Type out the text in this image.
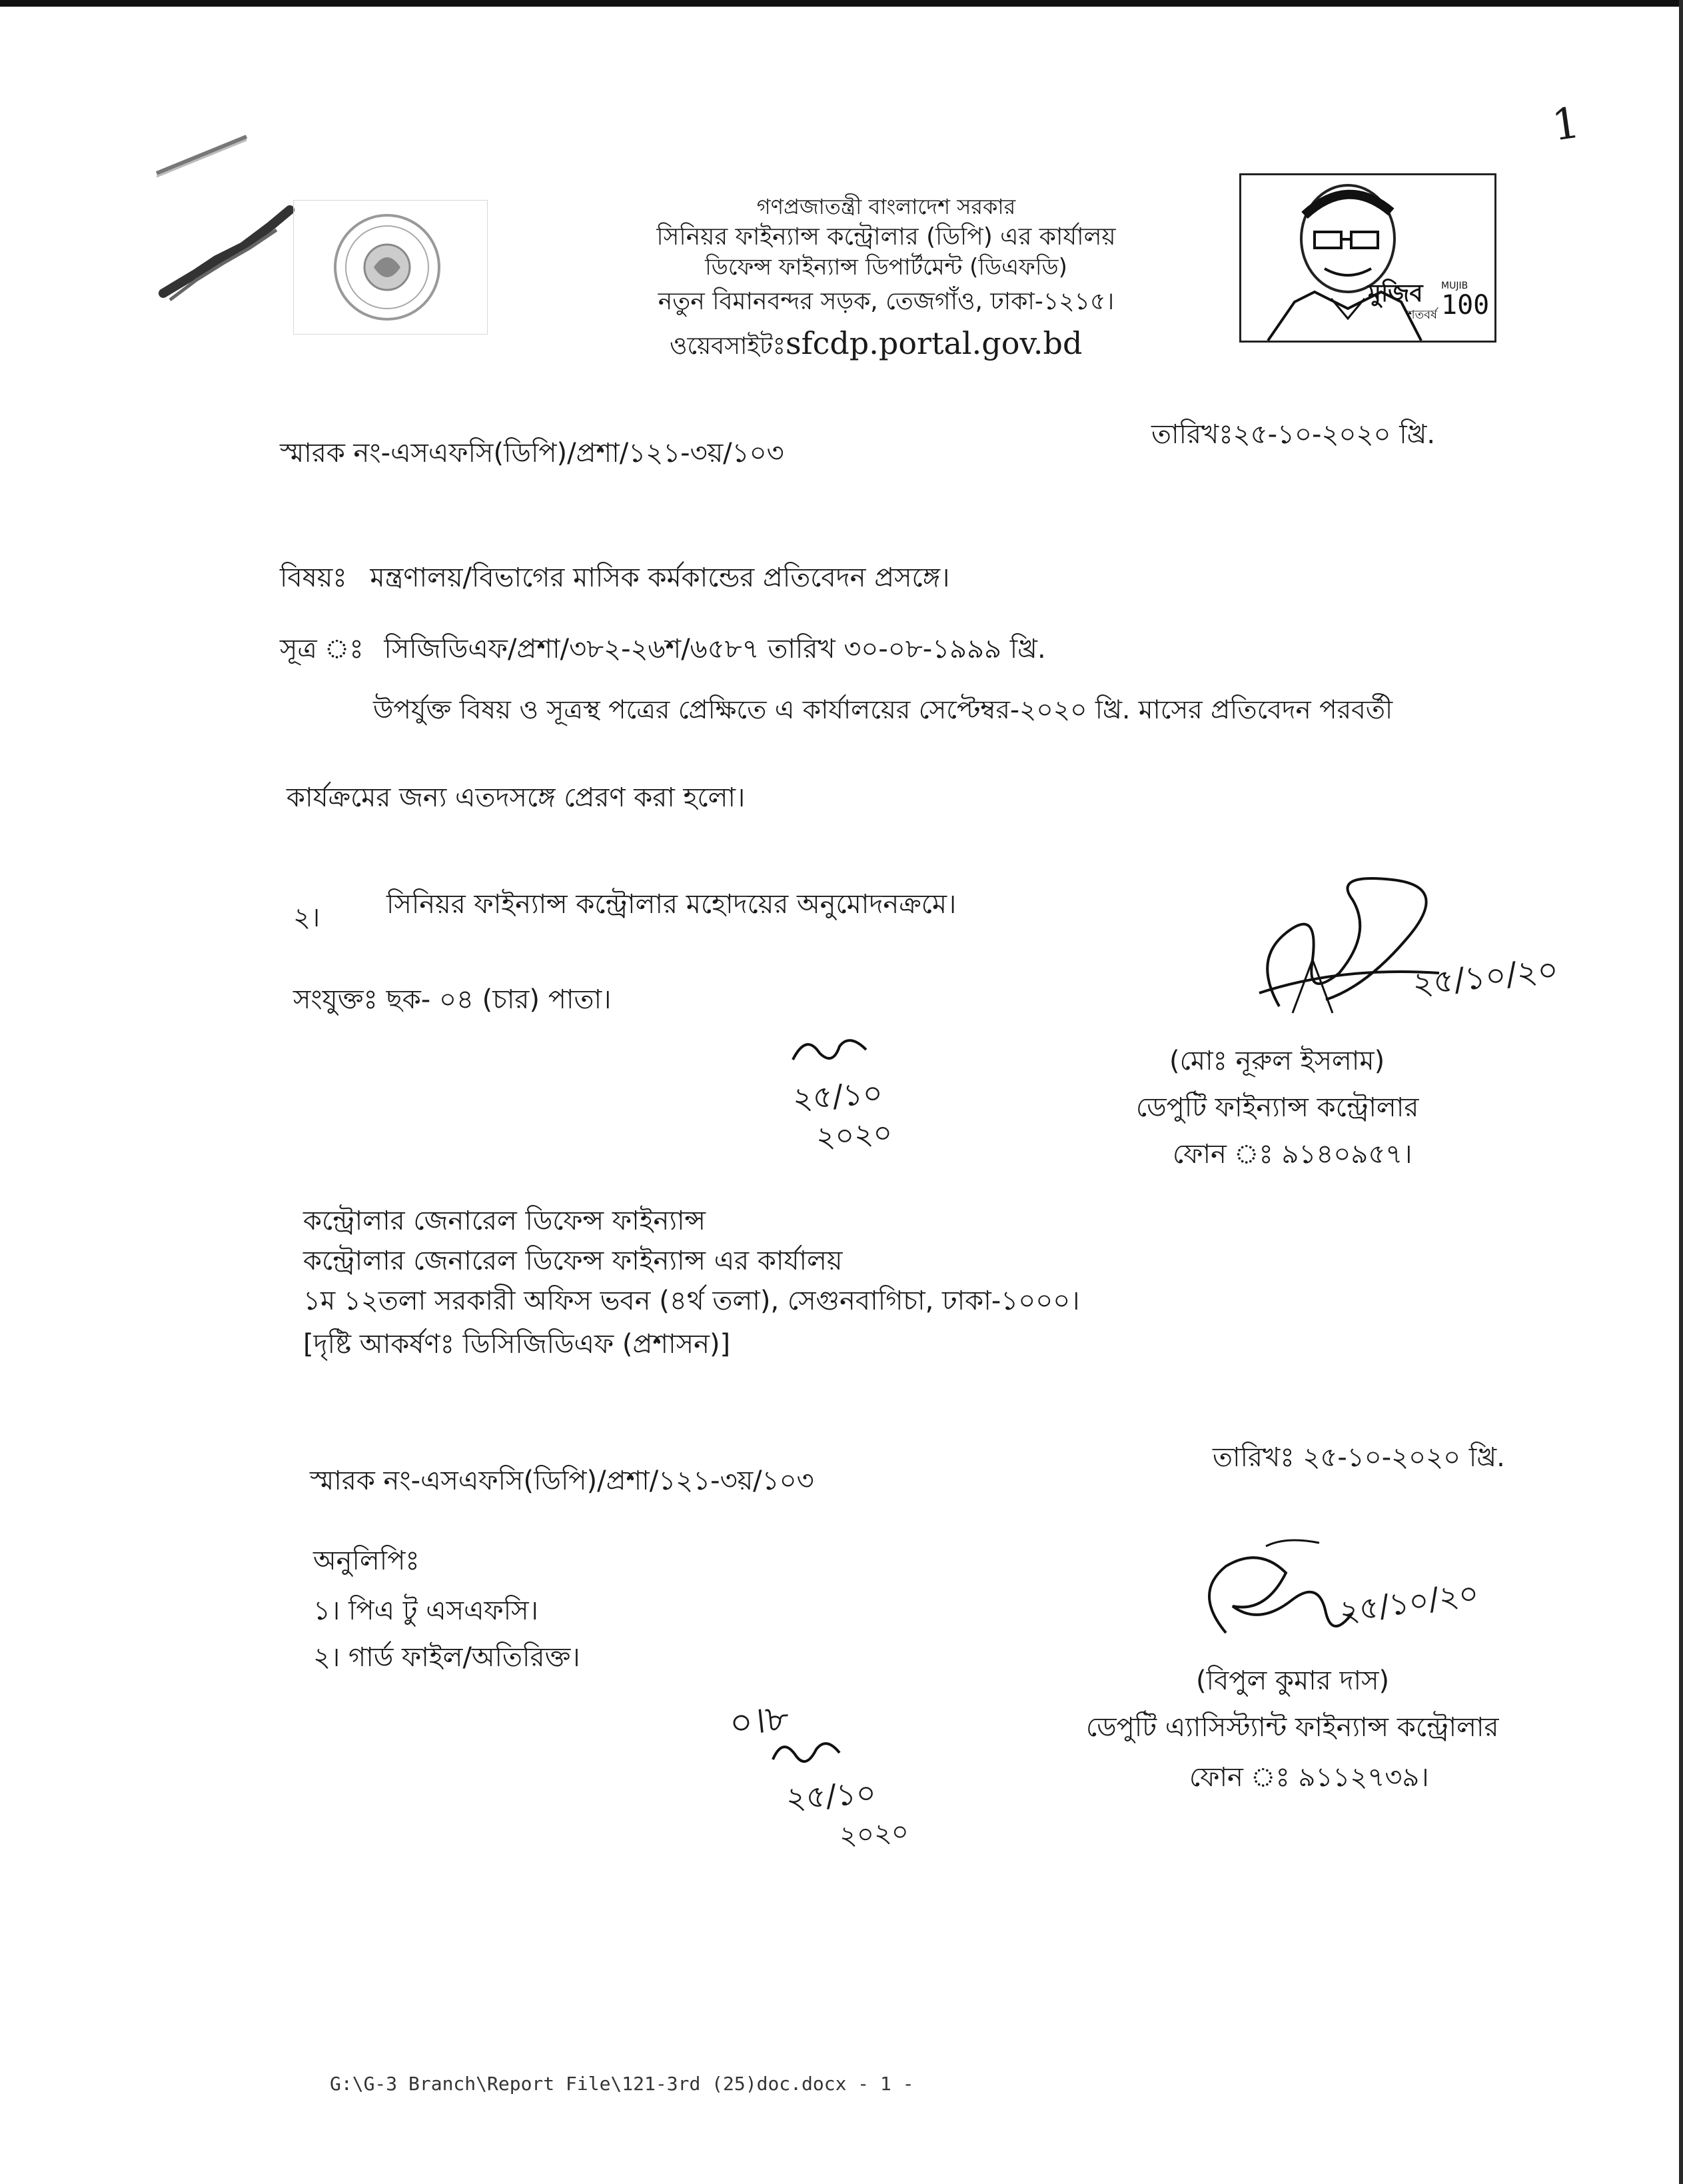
1
গণপ্রজাতন্ত্রী বাংলাদেশ সরকার
সিনিয়র ফাইন্যান্স কন্ট্রোলার (ডিপি) এর কার্যালয়
ডিফেন্স ফাইন্যান্স ডিপার্টমেন্ট (ডিএফডি)
নতুন বিমানবন্দর সড়ক, তেজগাঁও, ঢাকা-১২১৫।
ওয়েবসাইটঃsfcdp.portal.gov.bd
মুজিব MUJIB
শতবর্ষ 100
স্মারক নং-এসএফসি(ডিপি)/প্রশা/১২১-৩য়/১০৩
তারিখঃ২৫-১০-২০২০ খ্রি.
বিষয়ঃ মন্ত্রণালয়/বিভাগের মাসিক কর্মকান্ডের প্রতিবেদন প্রসঙ্গে।
সূত্র ঃ সিজিডিএফ/প্রশা/৩৮২-২৬শ/৬৫৮৭ তারিখ ৩০-০৮-১৯৯৯ খ্রি.
উপর্যুক্ত বিষয় ও সূত্রস্থ পত্রের প্রেক্ষিতে এ কার্যালয়ের সেপ্টেম্বর-২০২০ খ্রি. মাসের প্রতিবেদন পরবর্তী
কার্যক্রমের জন্য এতদসঙ্গে প্রেরণ করা হলো।
২। সিনিয়র ফাইন্যান্স কন্ট্রোলার মহোদয়ের অনুমোদনক্রমে।
সংযুক্তঃ ছক- ০৪ (চার) পাতা।	২৫/১০/২০
২৫/১০
২০২০
(মোঃ নূরুল ইসলাম)
ডেপুটি ফাইন্যান্স কন্ট্রোলার
ফোন ঃ ৯১৪০৯৫৭।
কন্ট্রোলার জেনারেল ডিফেন্স ফাইন্যান্স
কন্ট্রোলার জেনারেল ডিফেন্স ফাইন্যান্স এর কার্যালয়
১ম ১২তলা সরকারী অফিস ভবন (৪র্থ তলা), সেগুনবাগিচা, ঢাকা-১০০০।
[দৃষ্টি আকর্ষণঃ ডিসিজিডিএফ (প্রশাসন)]
স্মারক নং-এসএফসি(ডিপি)/প্রশা/১২১-৩য়/১০৩
তারিখঃ ২৫-১০-২০২০ খ্রি.
অনুলিপিঃ
১। পিএ টু এসএফসি।
২। গার্ড ফাইল/অতিরিক্ত।
২৫/১০/২০
০।৮
২৫/১০
২০২০
(বিপুল কুমার দাস)
ডেপুটি এ্যাসিস্ট্যান্ট ফাইন্যান্স কন্ট্রোলার
ফোন ঃ ৯১১২৭৩৯।
G:\G-3 Branch\Report File\121-3rd (25)doc.docx - 1 -
